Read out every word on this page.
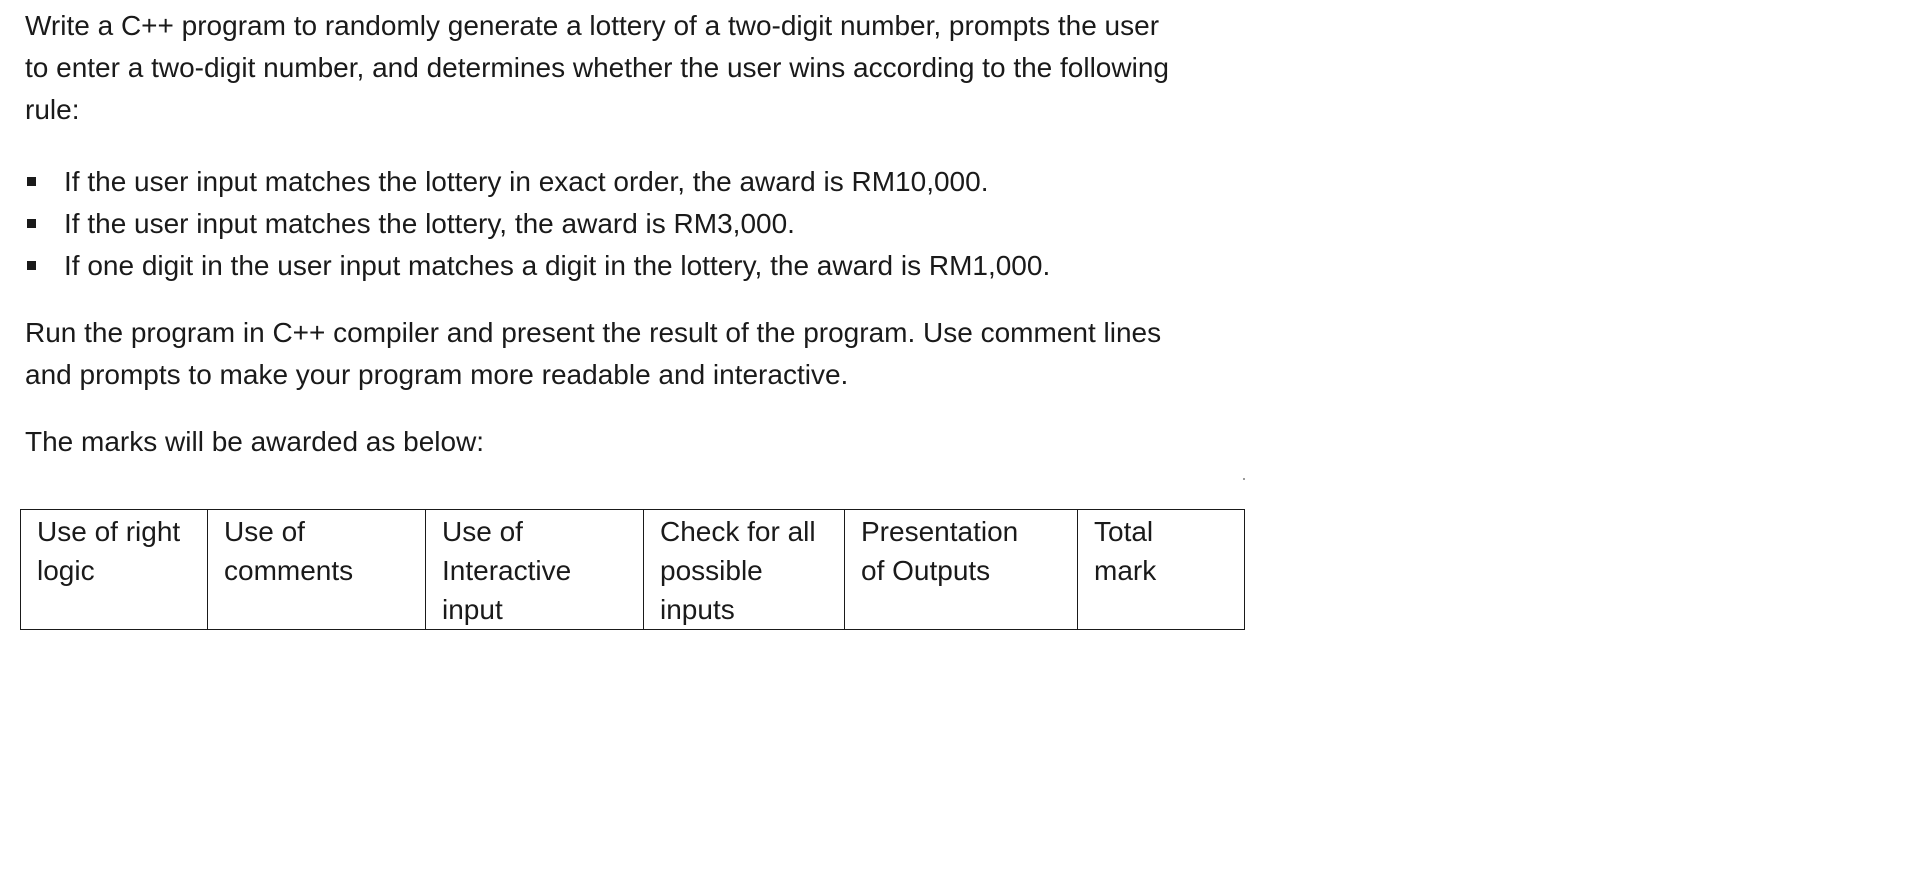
Write a C++ program to randomly generate a lottery of a two-digit number, prompts the user
to enter a two-digit number, and determines whether the user wins according to the following
rule:

If the user input matches the lottery in exact order, the award is RM10,000.
If the user input matches the lottery, the award is RM3,000.
If one digit in the user input matches a digit in the lottery, the award is RM1,000.

Run the program in C++ compiler and present the result of the program. Use comment lines
and prompts to make your program more readable and interactive.

The marks will be awarded as below:

Use of right
logic	Use of
comments	Use of
Interactive
input	Check for all
possible
inputs	Presentation
of Outputs	Total
mark
